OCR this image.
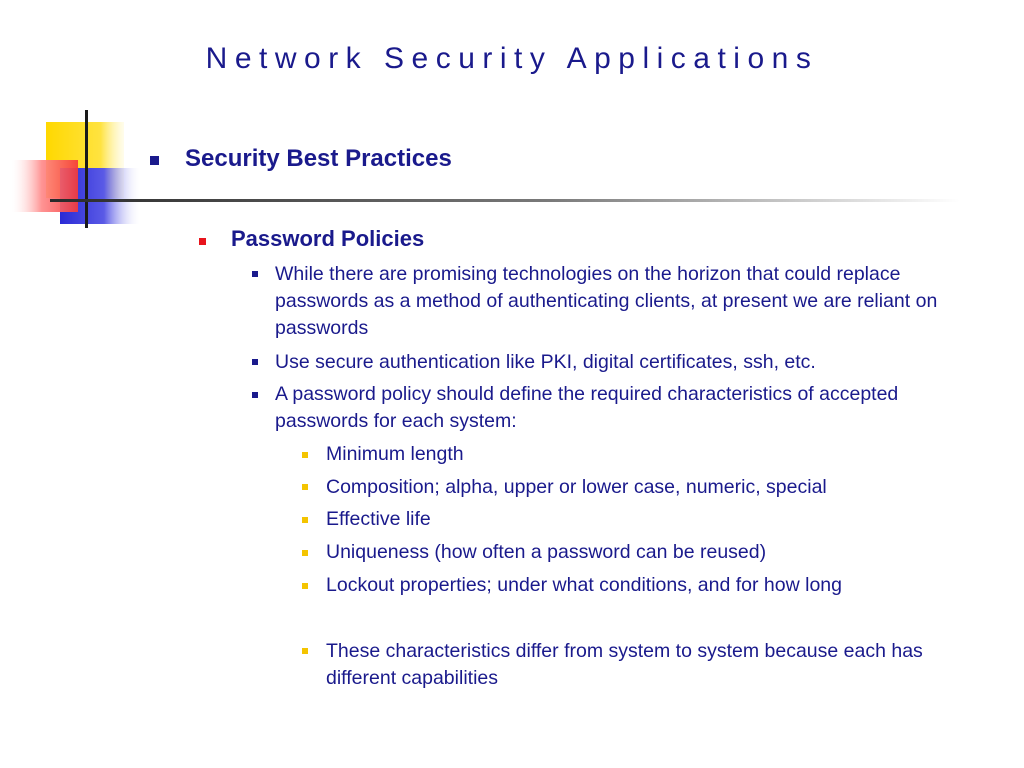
Network Security Applications
Security Best Practices
Password Policies
While there are promising technologies on the horizon that could replace passwords as a method of authenticating clients, at present we are reliant on passwords
Use secure authentication like PKI, digital certificates, ssh, etc.
A password policy should define the required characteristics of accepted passwords for each system:
Minimum length
Composition; alpha, upper or lower case, numeric, special
Effective life
Uniqueness (how often a password can be reused)
Lockout properties; under what conditions, and for how long
These characteristics differ from system to system because each has different capabilities
